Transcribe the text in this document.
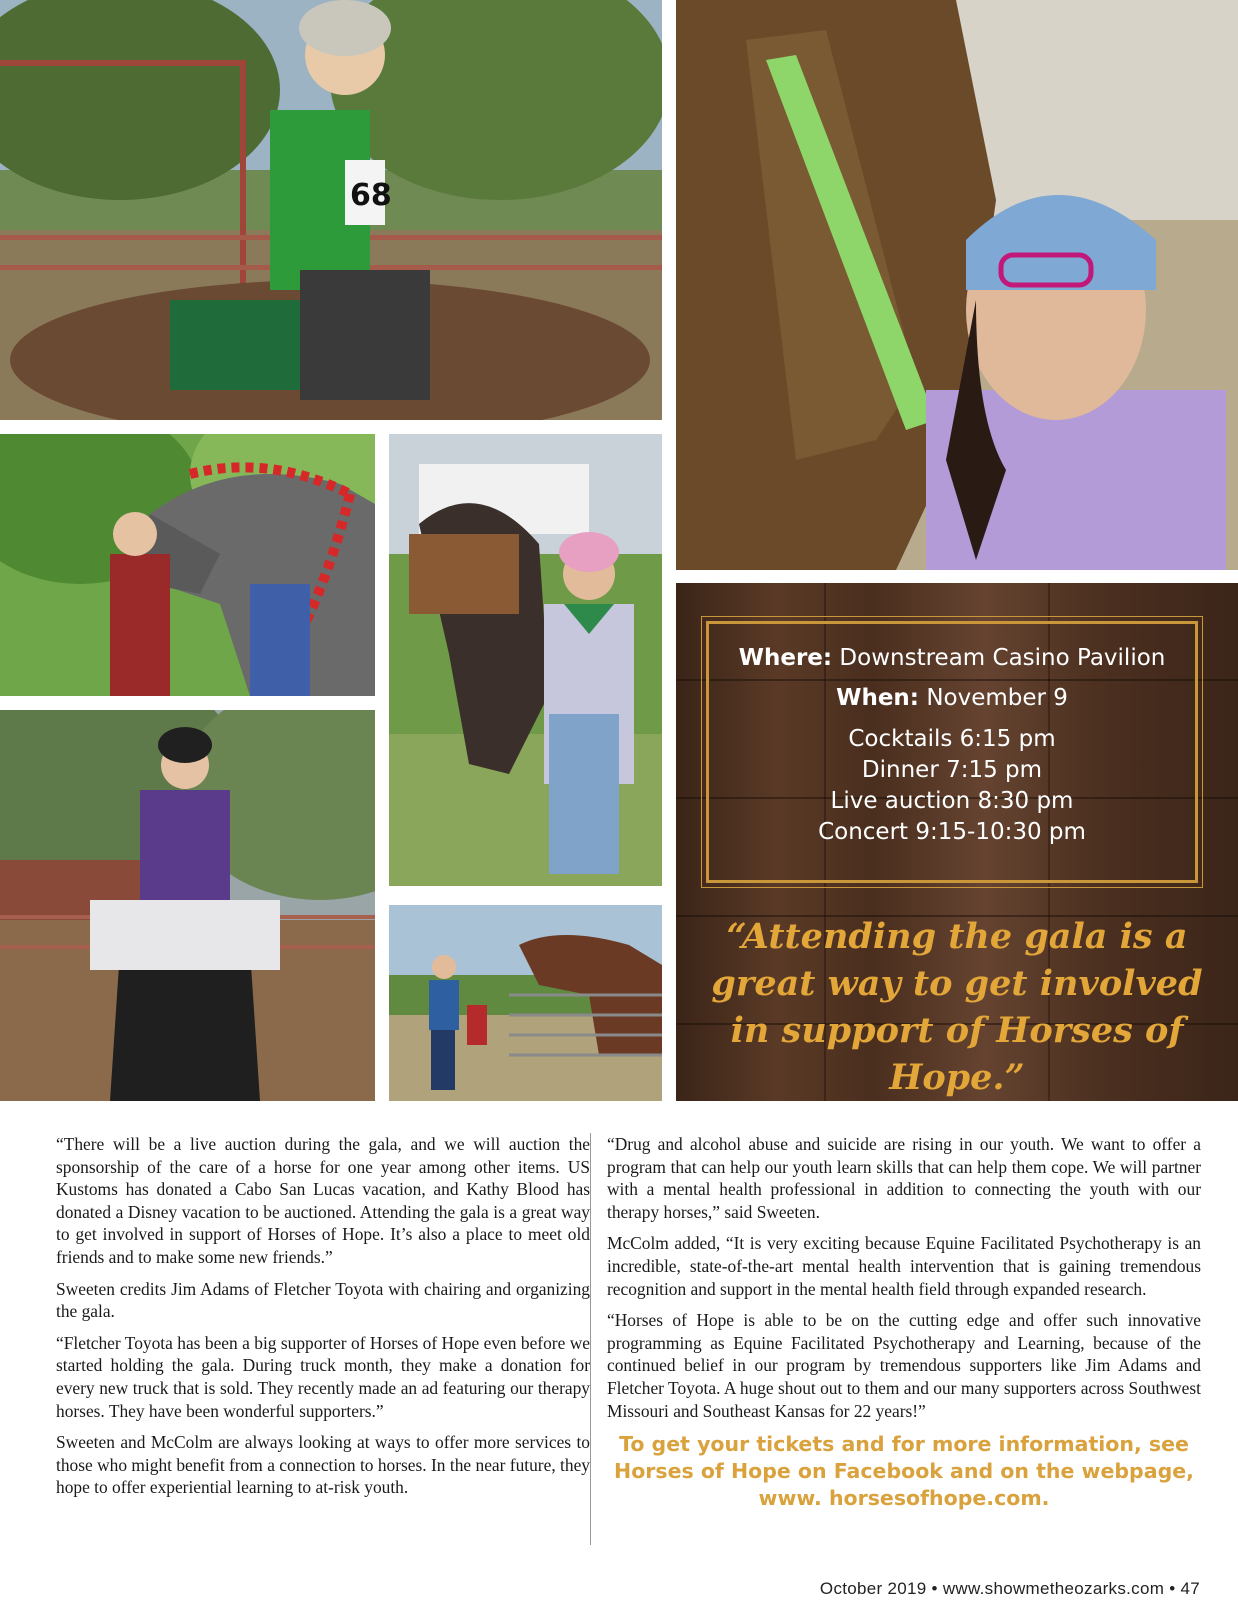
68
Where: Downstream Casino Pavilion
When: November 9
Cocktails 6:15 pm
Dinner 7:15 pm
Live auction 8:30 pm
Concert 9:15-10:30 pm
“Attending the gala is a great way to get involved in support of Horses of Hope.”

“There will be a live auction during the gala, and we will auction the sponsorship of the care of a horse for one year among other items. US Kustoms has donated a Cabo San Lucas vacation, and Kathy Blood has donated a Disney vacation to be auctioned. Attending the gala is a great way to get involved in support of Horses of Hope. It’s also a place to meet old friends and to make some new friends.”

Sweeten credits Jim Adams of Fletcher Toyota with chairing and organizing the gala.

“Fletcher Toyota has been a big supporter of Horses of Hope even before we started holding the gala. During truck month, they make a donation for every new truck that is sold. They recently made an ad featuring our therapy horses. They have been wonderful supporters.”

Sweeten and McColm are always looking at ways to offer more services to those who might benefit from a connection to horses. In the near future, they hope to offer experiential learning to at-risk youth.

“Drug and alcohol abuse and suicide are rising in our youth. We want to offer a program that can help our youth learn skills that can help them cope. We will partner with a mental health professional in addition to connecting the youth with our therapy horses,” said Sweeten.

McColm added, “It is very exciting because Equine Facilitated Psychotherapy is an incredible, state-of-the-art mental health intervention that is gaining tremendous recognition and support in the mental health field through expanded research.

“Horses of Hope is able to be on the cutting edge and offer such innovative programming as Equine Facilitated Psychotherapy and Learning, because of the continued belief in our program by tremendous supporters like Jim Adams and Fletcher Toyota. A huge shout out to them and our many supporters across Southwest Missouri and Southeast Kansas for 22 years!”

To get your tickets and for more information, see Horses of Hope on Facebook and on the webpage, www. horsesofhope.com.
October 2019 • www.showmetheozarks.com • 47
